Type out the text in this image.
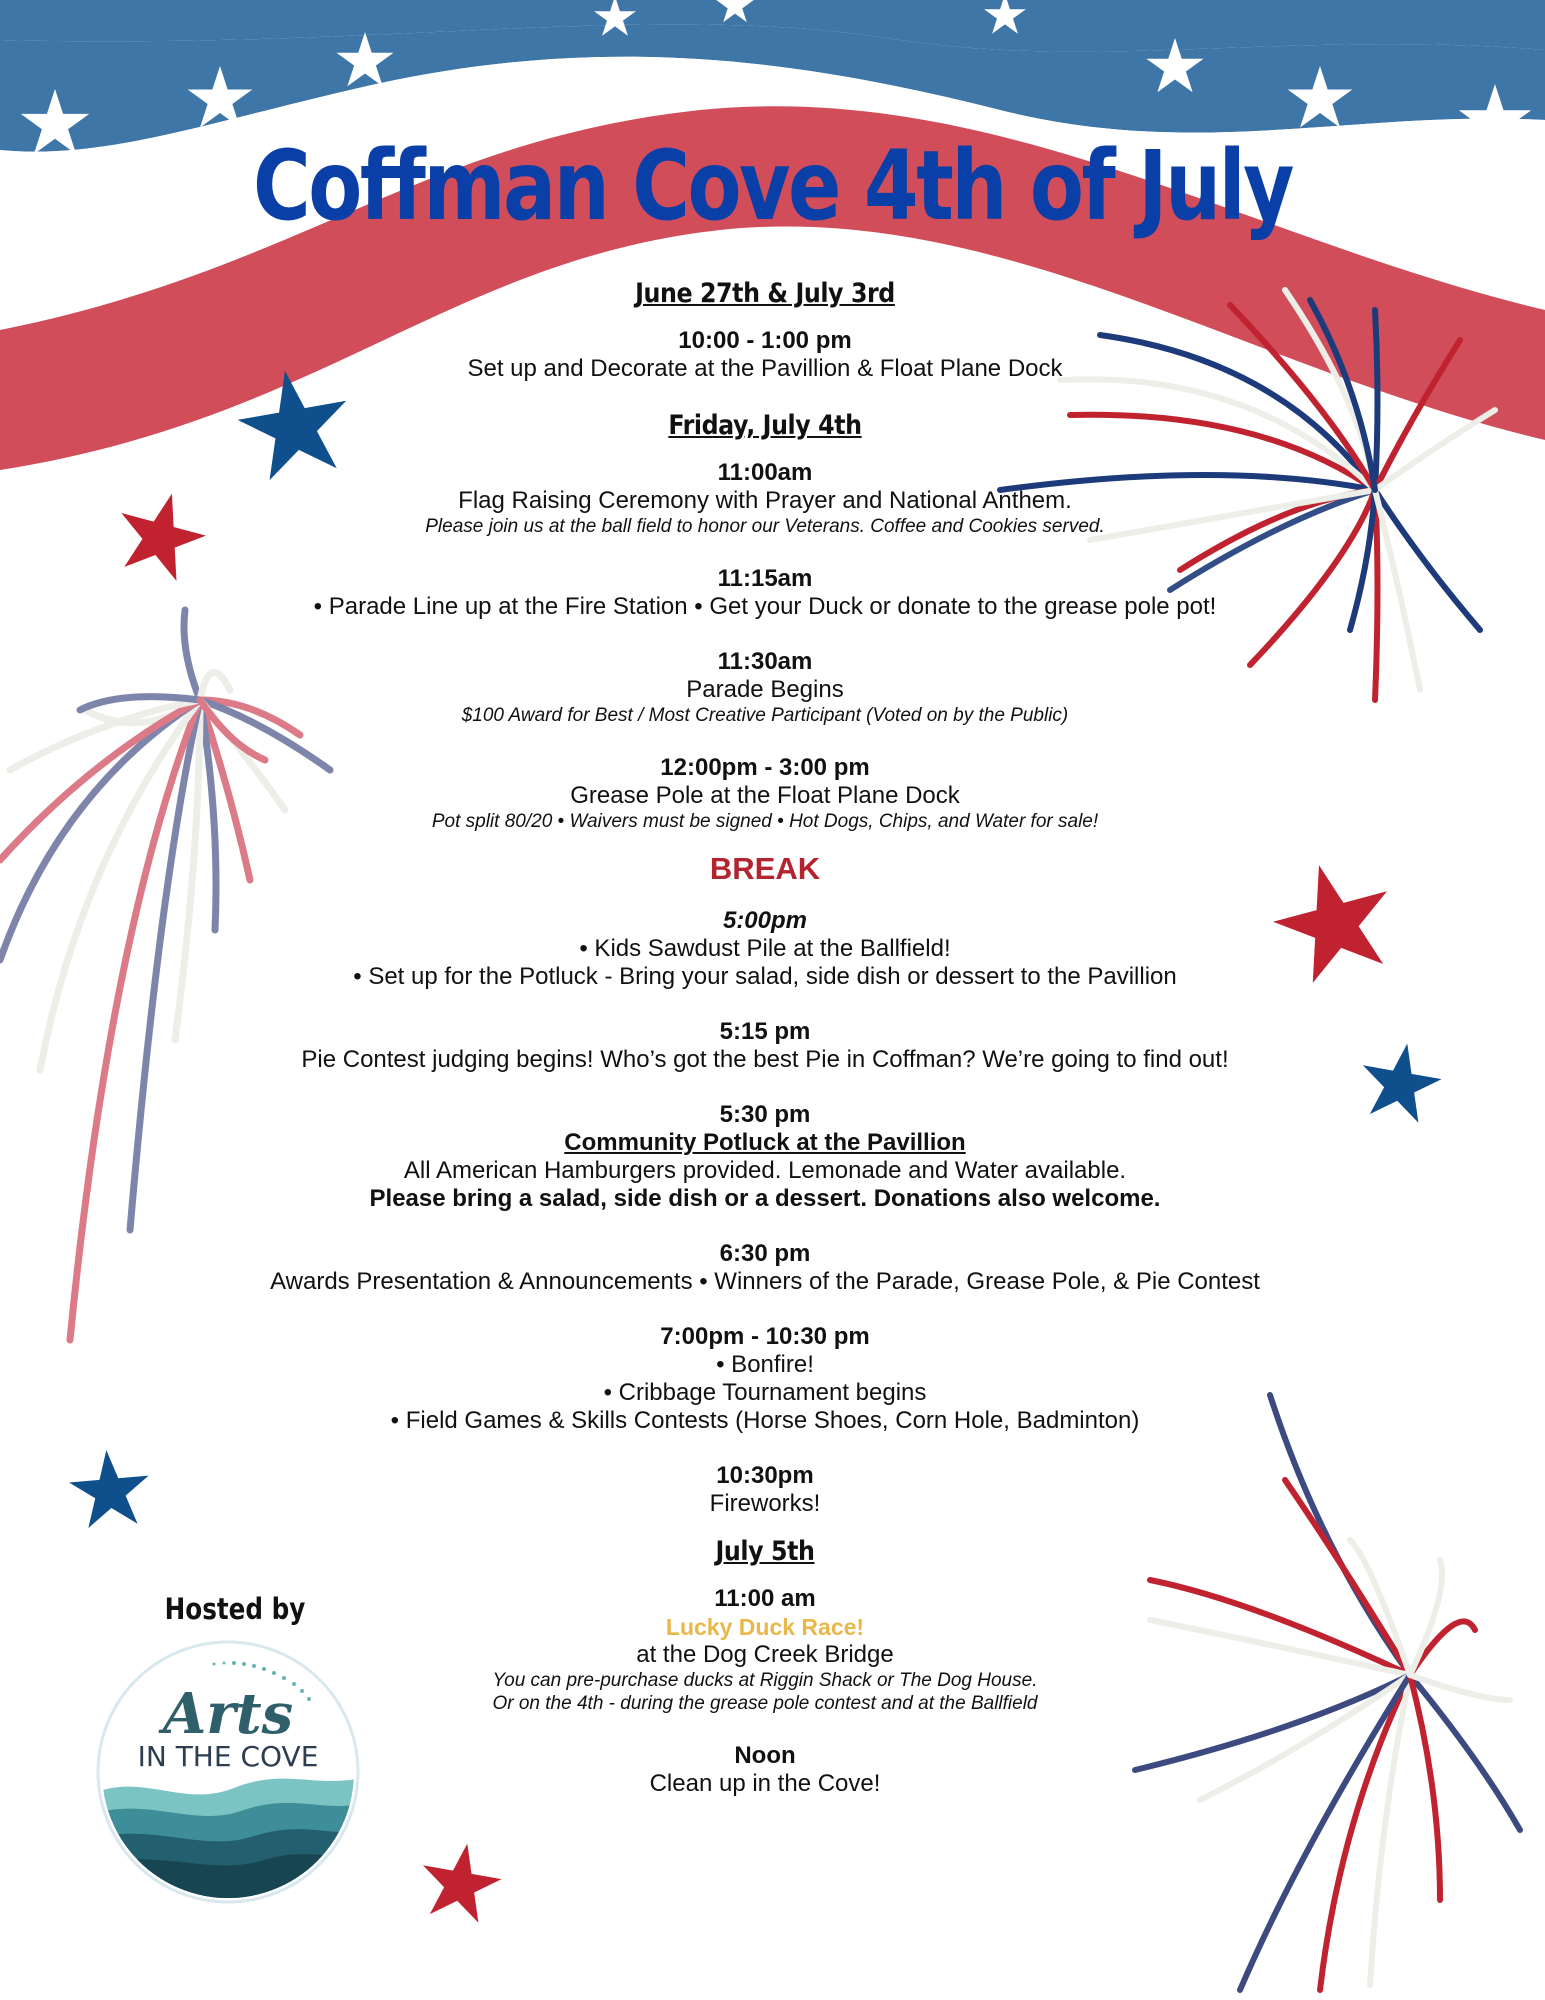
Coffman Cove 4th of July
June 27th & July 3rd
10:00 - 1:00 pm
Set up and Decorate at the Pavillion & Float Plane Dock
Friday, July 4th
11:00am
Flag Raising Ceremony with Prayer and National Anthem.
Please join us at the ball field to honor our Veterans. Coffee and Cookies served.
11:15am
• Parade Line up at the Fire Station • Get your Duck or donate to the grease pole pot!
11:30am
Parade Begins
$100 Award for Best / Most Creative Participant (Voted on by the Public)
12:00pm - 3:00 pm
Grease Pole at the Float Plane Dock
Pot split 80/20 • Waivers must be signed • Hot Dogs, Chips, and Water for sale!
BREAK
5:00pm
• Kids Sawdust Pile at the Ballfield!
• Set up for the Potluck - Bring your salad, side dish or dessert to the Pavillion
5:15 pm
Pie Contest judging begins! Who’s got the best Pie in Coffman? We’re going to find out!
5:30 pm
Community Potluck at the Pavillion
All American Hamburgers provided. Lemonade and Water available.
Please bring a salad, side dish or a dessert. Donations also welcome.
6:30 pm
Awards Presentation & Announcements • Winners of the Parade, Grease Pole, & Pie Contest
7:00pm - 10:30 pm
• Bonfire!
• Cribbage Tournament begins
• Field Games & Skills Contests (Horse Shoes, Corn Hole, Badminton)
10:30pm
Fireworks!
July 5th
11:00 am
Lucky Duck Race!
at the Dog Creek Bridge
You can pre-purchase ducks at Riggin Shack or The Dog House.
Or on the 4th - during the grease pole contest and at the Ballfield
Noon
Clean up in the Cove!
Hosted by
Arts
IN THE COVE
